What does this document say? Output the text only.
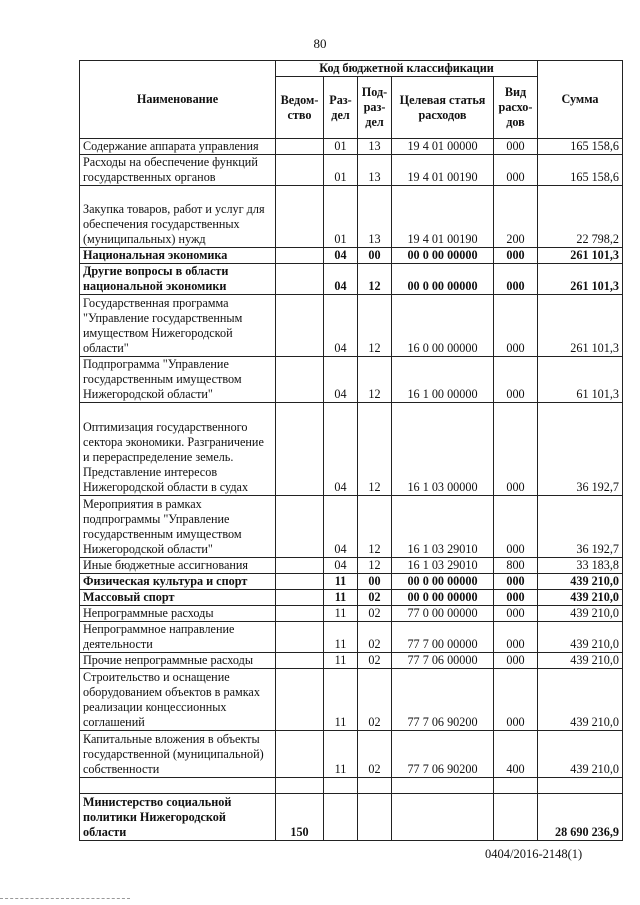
80
Наименование	Код бюджетной классификации					Сумма
	Ведом-ство	Раз-дел	Под-раз-дел	Целевая статья расходов	Вид расхо-дов	
Содержание аппарата управления		01	13	19 4 01 00000	000	165 158,6
Расходы на обеспечение функций государственных органов		01	13	19 4 01 00190	000	165 158,6
Закупка товаров, работ и услуг для обеспечения государственных (муниципальных) нужд		01	13	19 4 01 00190	200	22 798,2
Национальная экономика		04	00	00 0 00 00000	000	261 101,3
Другие вопросы в области национальной экономики		04	12	00 0 00 00000	000	261 101,3
Государственная программа "Управление государственным имуществом Нижегородской области"		04	12	16 0 00 00000	000	261 101,3
Подпрограмма "Управление государственным имуществом Нижегородской области"		04	12	16 1 00 00000	000	61 101,3
Оптимизация государственного сектора экономики. Разграничение и перераспределение земель. Представление интересов Нижегородской области в судах		04	12	16 1 03 00000	000	36 192,7
Мероприятия в рамках подпрограммы "Управление государственным имуществом Нижегородской области"		04	12	16 1 03 29010	000	36 192,7
Иные бюджетные ассигнования		04	12	16 1 03 29010	800	33 183,8
Физическая культура и спорт		11	00	00 0 00 00000	000	439 210,0
Массовый спорт		11	02	00 0 00 00000	000	439 210,0
Непрограммные расходы		11	02	77 0 00 00000	000	439 210,0
Непрограммное направление деятельности		11	02	77 7 00 00000	000	439 210,0
Прочие непрограммные расходы		11	02	77 7 06 00000	000	439 210,0
Строительство и оснащение оборудованием объектов в рамках реализации концессионных соглашений		11	02	77 7 06 90200	000	439 210,0
Капитальные вложения в объекты государственной (муниципальной) собственности		11	02	77 7 06 90200	400	439 210,0

Министерство социальной политики Нижегородской области	150					28 690 236,9
0404/2016-2148(1)
